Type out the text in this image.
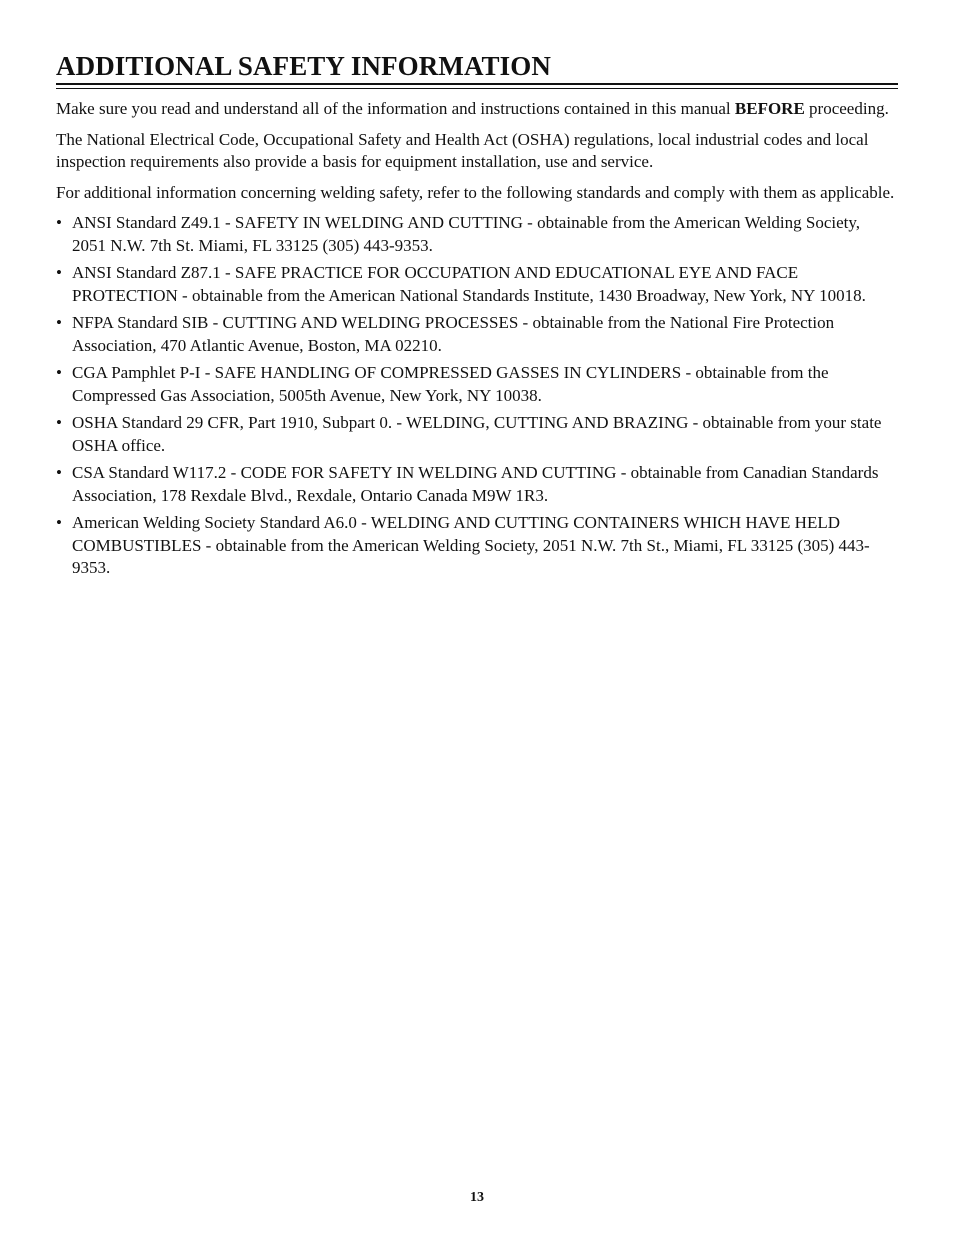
ADDITIONAL SAFETY INFORMATION

Make sure you read and understand all of the information and instructions contained in this manual BEFORE proceeding.

The National Electrical Code, Occupational Safety and Health Act (OSHA) regulations, local industrial codes and local inspection requirements also provide a basis for equipment installation, use and service.

For additional information concerning welding safety, refer to the following standards and comply with them as applicable.

• ANSI Standard Z49.1 - SAFETY IN WELDING AND CUTTING - obtainable from the American Welding Society, 2051 N.W. 7th St. Miami, FL 33125 (305) 443-9353.
• ANSI Standard Z87.1 - SAFE PRACTICE FOR OCCUPATION AND EDUCATIONAL EYE AND FACE PROTECTION - obtainable from the American National Standards Institute, 1430 Broadway, New York, NY 10018.
• NFPA Standard SIB - CUTTING AND WELDING PROCESSES - obtainable from the National Fire Protection Association, 470 Atlantic Avenue, Boston, MA 02210.
• CGA Pamphlet P-I - SAFE HANDLING OF COMPRESSED GASSES IN CYLINDERS - obtainable from the Compressed Gas Association, 5005th Avenue, New York, NY 10038.
• OSHA Standard 29 CFR, Part 1910, Subpart 0. - WELDING, CUTTING AND BRAZING - obtainable from your state OSHA office.
• CSA Standard W117.2 - CODE FOR SAFETY IN WELDING AND CUTTING - obtainable from Canadian Standards Association, 178 Rexdale Blvd., Rexdale, Ontario Canada M9W 1R3.
• American Welding Society Standard A6.0 - WELDING AND CUTTING CONTAINERS WHICH HAVE HELD COMBUSTIBLES - obtainable from the American Welding Society, 2051 N.W. 7th St., Miami, FL 33125 (305) 443-9353.
13
